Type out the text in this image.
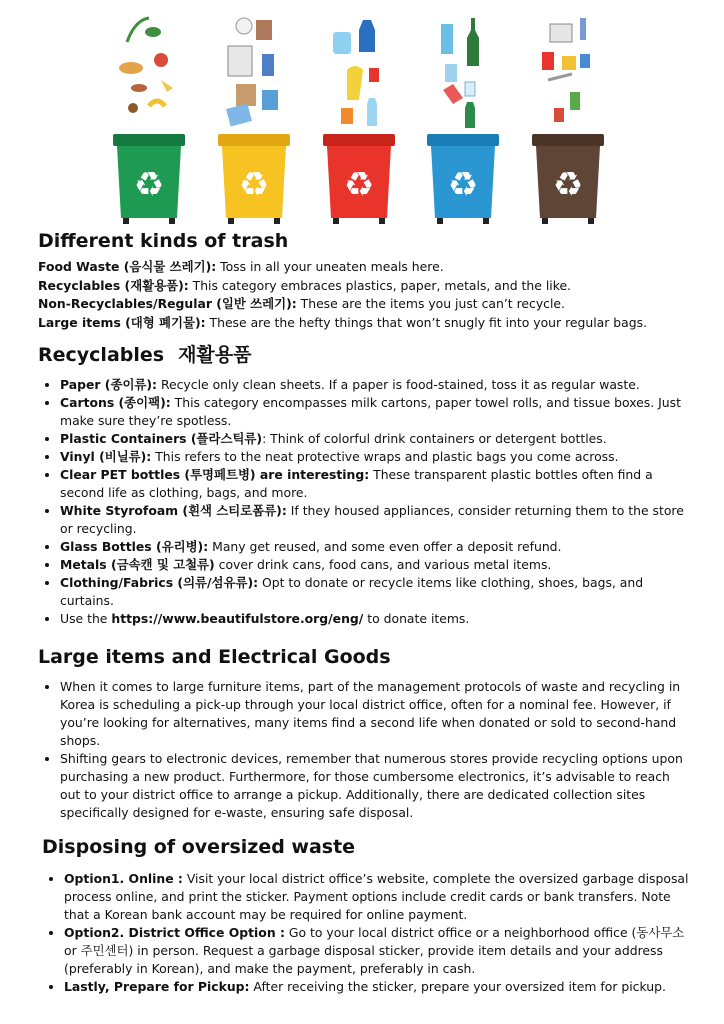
♻ ♻ ♻ ♻ ♻
Different kinds of trash

Food Waste (음식물 쓰레기): Toss in all your uneaten meals here.

Recyclables (재활용품): This category embraces plastics, paper, metals, and the like.

Non-Recyclables/Regular (일반 쓰레기): These are the items you just can’t recycle.

Large items (대형 폐기물): These are the hefty things that won’t snugly fit into your regular bags.

Recyclables 재활용품
• Paper (종이류): Recycle only clean sheets. If a paper is food-stained, toss it as regular waste.
• Cartons (종이팩): This category encompasses milk cartons, paper towel rolls, and tissue boxes. Just make sure they’re spotless.
• Plastic Containers (플라스틱류): Think of colorful drink containers or detergent bottles.
• Vinyl (비닐류): This refers to the neat protective wraps and plastic bags you come across.
• Clear PET bottles (투명페트병) are interesting: These transparent plastic bottles often find a second life as clothing, bags, and more.
• White Styrofoam (흰색 스티로폼류): If they housed appliances, consider returning them to the store or recycling.
• Glass Bottles (유리병): Many get reused, and some even offer a deposit refund.
• Metals (금속캔 및 고철류) cover drink cans, food cans, and various metal items.
• Clothing/Fabrics (의류/섬유류): Opt to donate or recycle items like clothing, shoes, bags, and curtains.
• Use the https://www.beautifulstore.org/eng/ to donate items.
Large items and Electrical Goods
• When it comes to large furniture items, part of the management protocols of waste and recycling in Korea is scheduling a pick-up through your local district office, often for a nominal fee. However, if you’re looking for alternatives, many items find a second life when donated or sold to second-hand shops.
• Shifting gears to electronic devices, remember that numerous stores provide recycling options upon purchasing a new product. Furthermore, for those cumbersome electronics, it’s advisable to reach out to your district office to arrange a pickup. Additionally, there are dedicated collection sites specifically designed for e-waste, ensuring safe disposal.
Disposing of oversized waste
• Option1. Online : Visit your local district office’s website, complete the oversized garbage disposal process online, and print the sticker. Payment options include credit cards or bank transfers. Note that a Korean bank account may be required for online payment.
• Option2. District Office Option : Go to your local district office or a neighborhood office (동사무소 or 주민센터) in person. Request a garbage disposal sticker, provide item details and your address (preferably in Korean), and make the payment, preferably in cash.
• Lastly, Prepare for Pickup: After receiving the sticker, prepare your oversized item for pickup.
